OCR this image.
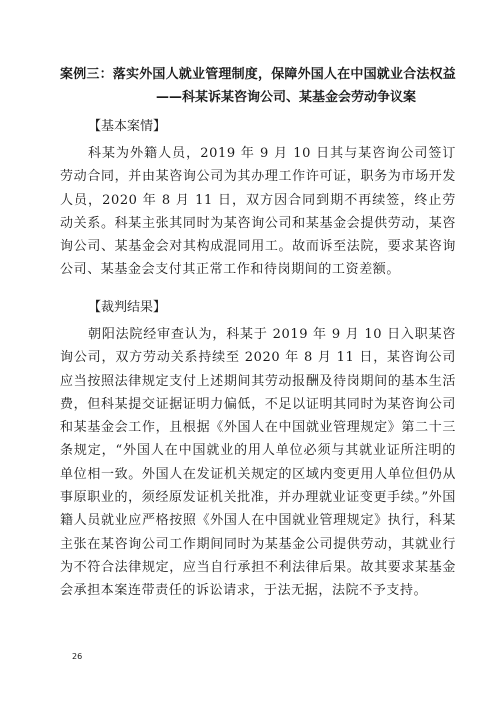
案例三：落实外国人就业管理制度，保障外国人在中国就业合法权益
——科某诉某咨询公司、某基金会劳动争议案
【基本案情】

科某为外籍人员，2019 年 9 月 10 日其与某咨询公司签订劳动合同，并由某咨询公司为其办理工作许可证，职务为市场开发人员，2020 年 8 月 11 日，双方因合同到期不再续签，终止劳动关系。科某主张其同时为某咨询公司和某基金会提供劳动，某咨询公司、某基金会对其构成混同用工。故而诉至法院，要求某咨询公司、某基金会支付其正常工作和待岗期间的工资差额。

【裁判结果】

朝阳法院经审查认为，科某于 2019 年 9 月 10 日入职某咨询公司，双方劳动关系持续至 2020 年 8 月 11 日，某咨询公司应当按照法律规定支付上述期间其劳动报酬及待岗期间的基本生活费，但科某提交证据证明力偏低，不足以证明其同时为某咨询公司和某基金会工作，且根据《外国人在中国就业管理规定》第二十三条规定，“外国人在中国就业的用人单位必须与其就业证所注明的单位相一致。外国人在发证机关规定的区域内变更用人单位但仍从事原职业的，须经原发证机关批准，并办理就业证变更手续。”外国籍人员就业应严格按照《外国人在中国就业管理规定》执行，科某主张在某咨询公司工作期间同时为某基金公司提供劳动，其就业行为不符合法律规定，应当自行承担不利法律后果。故其要求某基金会承担本案连带责任的诉讼请求，于法无据，法院不予支持。

26
